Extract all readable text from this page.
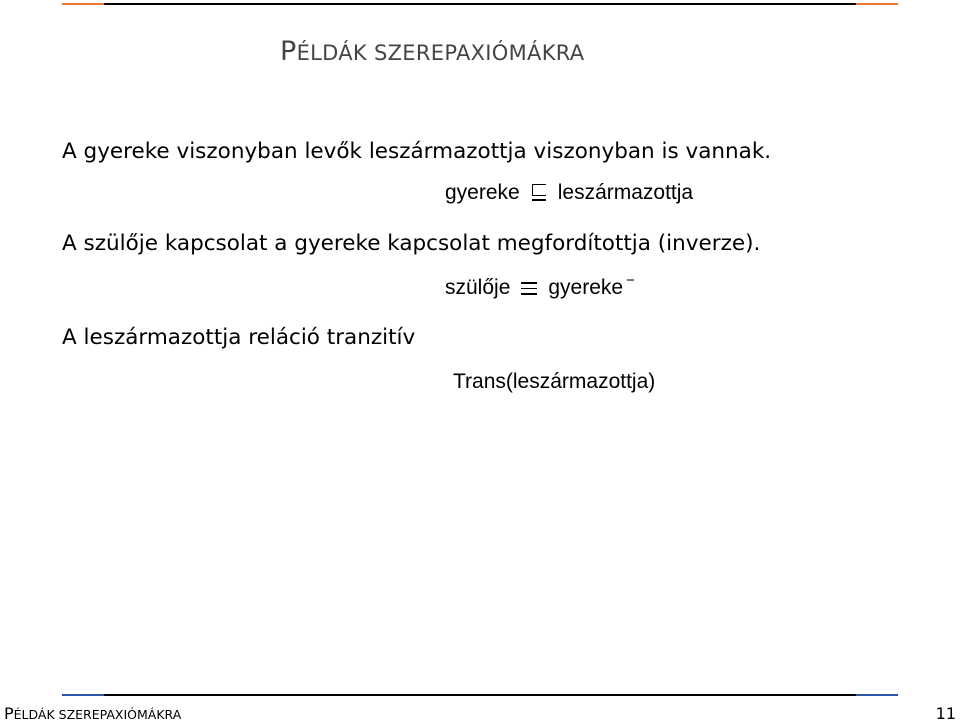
PÉLDÁK SZEREPAXIÓMÁKRA
A gyereke viszonyban levők leszármazottja viszonyban is vannak.
gyereke leszármazottja
A szülője kapcsolat a gyereke kapcsolat megfordítottja (inverze).
szülője gyereke −
A leszármazottja reláció tranzitív
Trans(leszármazottja)
PÉLDÁK SZEREPAXIÓMÁKRA	11
